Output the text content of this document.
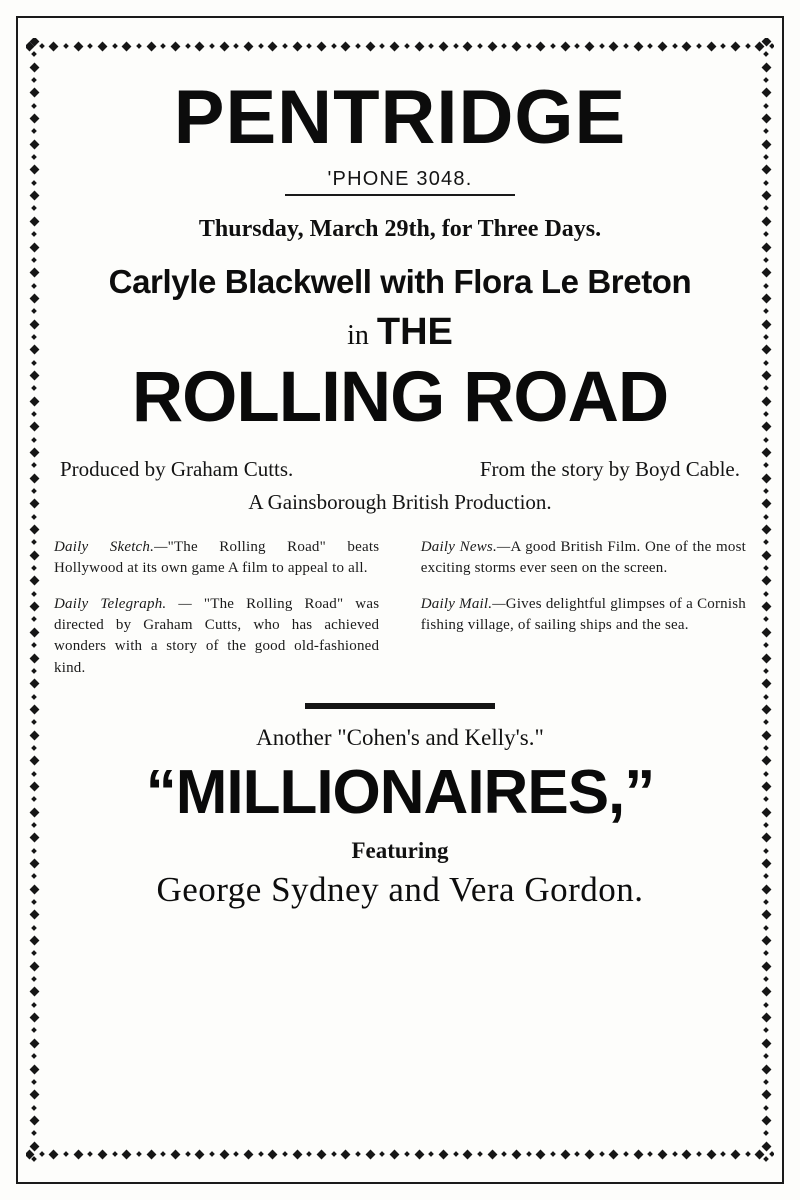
PENTRIDGE
'PHONE 3048.
Thursday, March 29th, for Three Days.
Carlyle Blackwell with Flora Le Breton
in THE
ROLLING ROAD
Produced by Graham Cutts.	From the story by Boyd Cable.
A Gainsborough British Production.
Daily Sketch.—"The Rolling Road" beats Hollywood at its own game A film to appeal to all.
Daily Telegraph. — "The Rolling Road" was directed by Graham Cutts, who has achieved wonders with a story of the good old-fashioned kind.
Daily News.—A good British Film. One of the most exciting storms ever seen on the screen.
Daily Mail.—Gives delightful glimpses of a Cornish fishing village, of sailing ships and the sea.
Another "Cohen's and Kelly's."
“MILLIONAIRES,”
Featuring
George Sydney and Vera Gordon.
